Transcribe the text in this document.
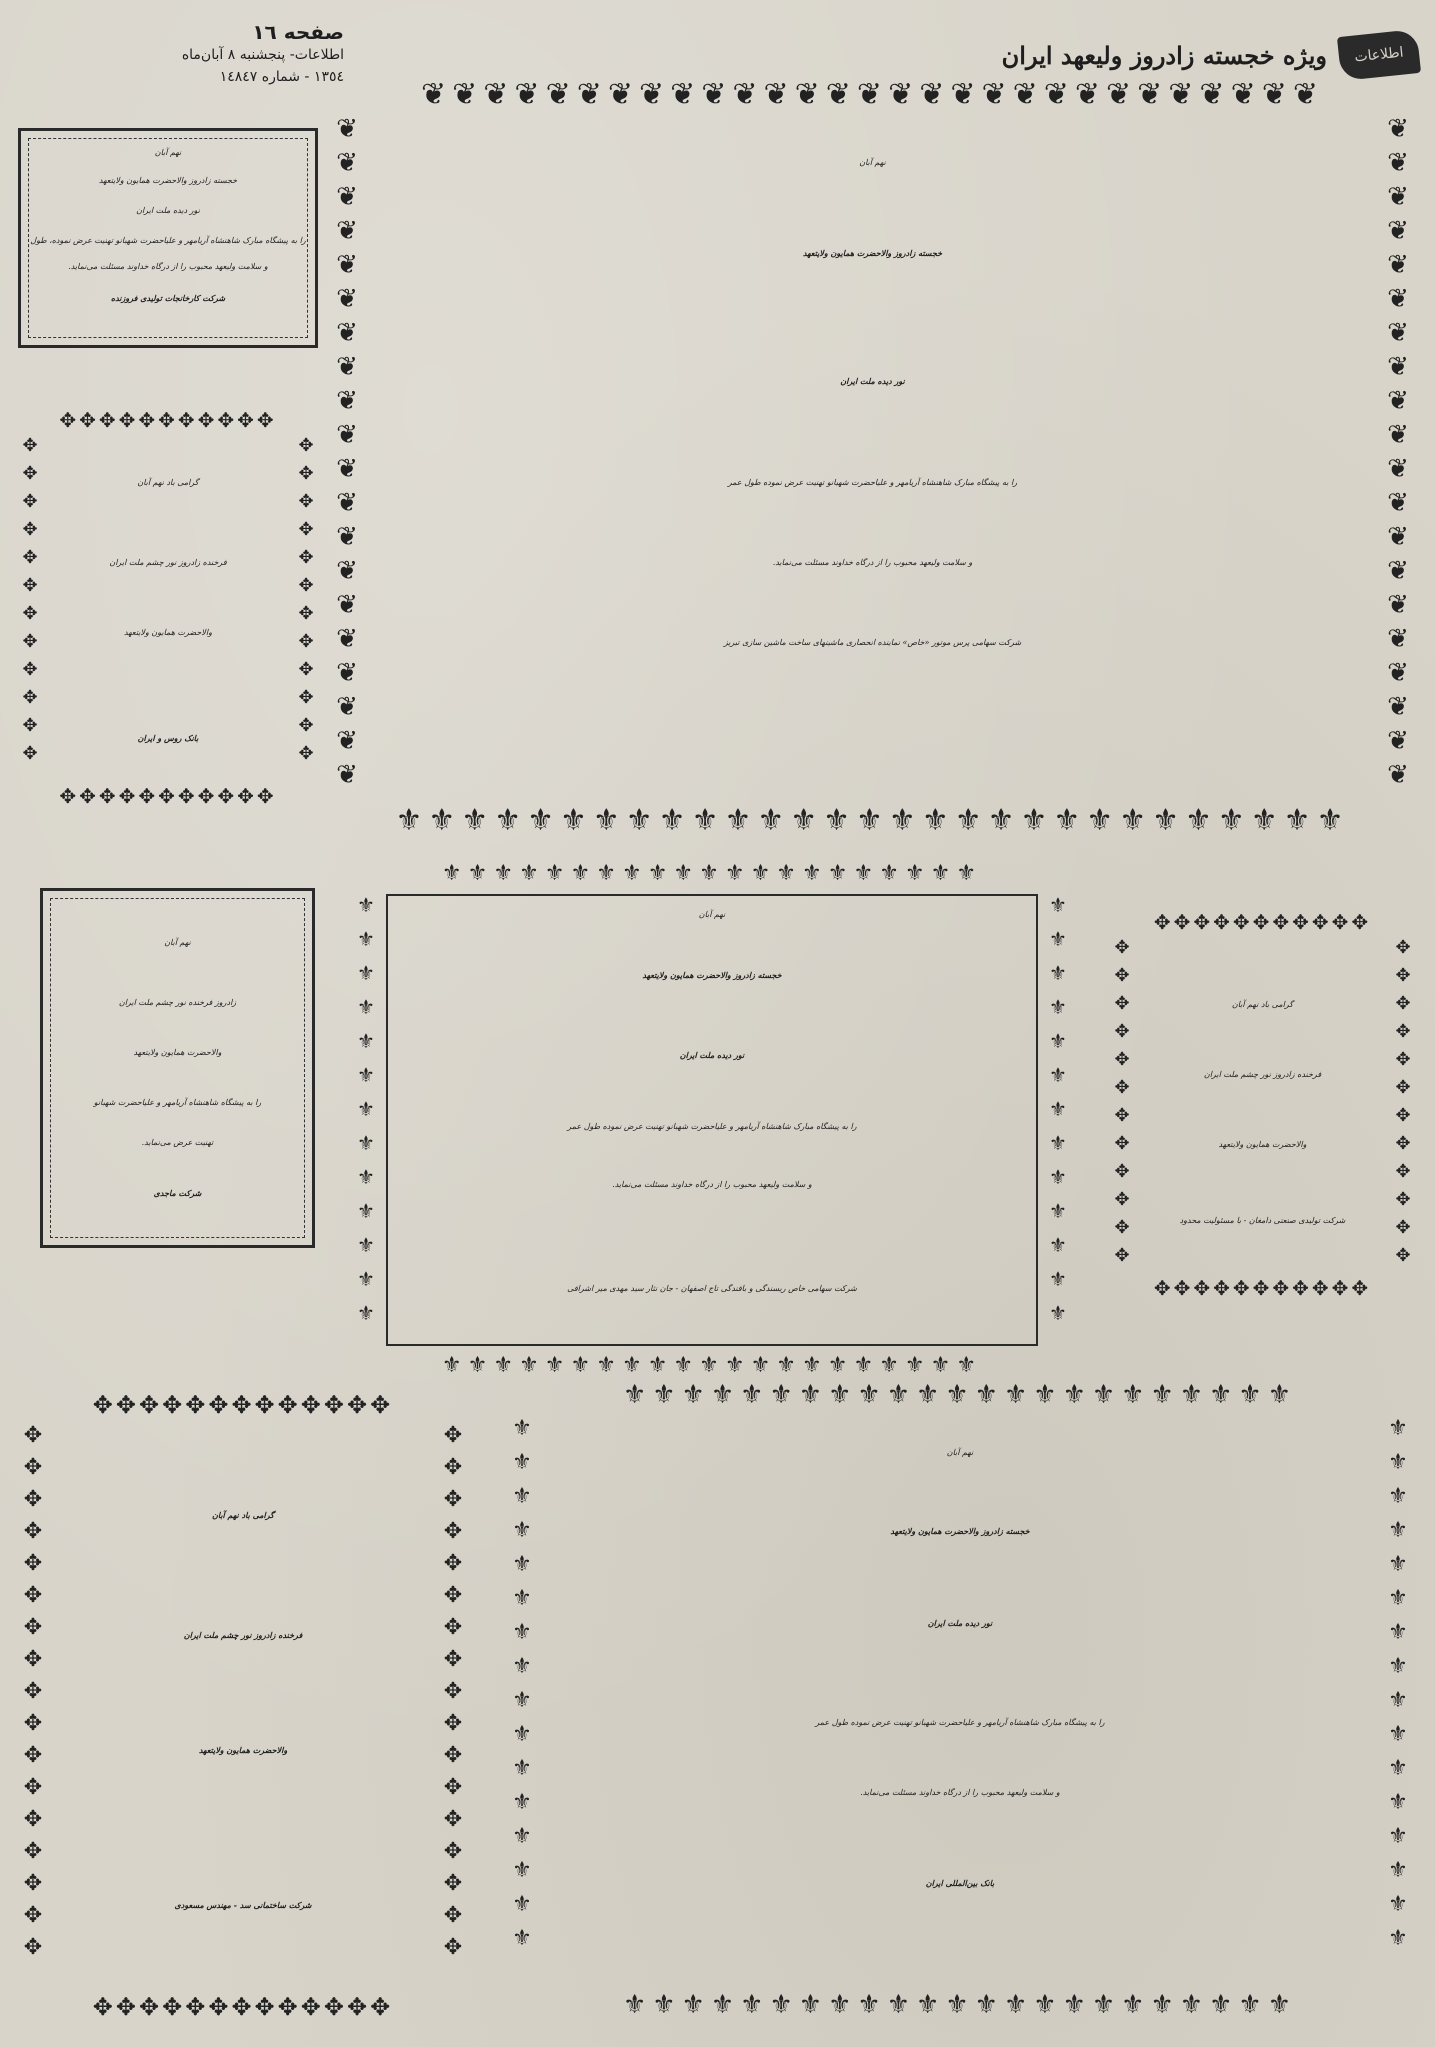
صفحه ١٦
اطلاعات- پنجشنبه ٨ آبان‌ماه
١٣٥٤ - شماره ١٤٨٤٧
اطلاعات
ویژه خجسته زادروز ولیعهد ایران
❦❦❦❦❦❦❦❦❦❦❦❦❦❦❦❦❦❦❦❦❦❦❦❦❦❦❦❦❦
⚜⚜⚜⚜⚜⚜⚜⚜⚜⚜⚜⚜⚜⚜⚜⚜⚜⚜⚜⚜⚜⚜⚜⚜⚜⚜⚜⚜⚜
❦
❦
❦
❦
❦
❦
❦
❦
❦
❦
❦
❦
❦
❦
❦
❦
❦
❦
❦
❦
❦
❦
❦
❦
❦
❦
❦
❦
❦
❦
❦
❦
❦
❦
❦
❦
❦
❦
❦
❦
نهم آبان
خجسته زادروز والاحضرت همایون ولایتعهد
نور دیده ملت ایران
را به پیشگاه مبارک شاهنشاه آریامهر و علیاحضرت شهبانو تهنیت عرض نموده طول عمر
و سلامت ولیعهد محبوب را از درگاه خداوند مسئلت می‌نماید.
شرکت سهامی پرس موتور «خاص» نماینده انحصاری ماشینهای ساخت ماشین سازی تبریز
نهم آبان
خجسته زادروز والاحضرت همایون ولایتعهد
نور دیده ملت ایران
را به پیشگاه مبارک شاهنشاه آریامهر و علیاحضرت شهبانو تهنیت عرض نموده، طول
و سلامت ولیعهد محبوب را از درگاه خداوند مسئلت می‌نماید.
شرکت کارخانجات تولیدی فروزنده
✥✥✥✥✥✥✥✥✥✥✥
✥✥✥✥✥✥✥✥✥✥✥
✥
✥
✥
✥
✥
✥
✥
✥
✥
✥
✥
✥
✥
✥
✥
✥
✥
✥
✥
✥
✥
✥
✥
✥
گرامی باد نهم آبان
فرخنده زادروز نور چشم ملت ایران
والاحضرت همایون ولایتعهد
بانک روس و ایران
نهم آبان
زادروز فرخنده نور چشم ملت ایران
والاحضرت همایون ولایتعهد
را به پیشگاه شاهنشاه آریامهر و علیاحضرت شهبانو
تهنیت عرض می‌نماید.
شرکت ماجدی
⚜⚜⚜⚜⚜⚜⚜⚜⚜⚜⚜⚜⚜⚜⚜⚜⚜⚜⚜⚜⚜
⚜⚜⚜⚜⚜⚜⚜⚜⚜⚜⚜⚜⚜⚜⚜⚜⚜⚜⚜⚜⚜
⚜
⚜
⚜
⚜
⚜
⚜
⚜
⚜
⚜
⚜
⚜
⚜
⚜
⚜
⚜
⚜
⚜
⚜
⚜
⚜
⚜
⚜
⚜
⚜
⚜
⚜
نهم آبان
خجسته زادروز والاحضرت همایون ولایتعهد
نور دیده ملت ایران
را به پیشگاه مبارک شاهنشاه آریامهر و علیاحضرت شهبانو تهنیت عرض نموده طول عمر
و سلامت ولیعهد محبوب را از درگاه خداوند مسئلت می‌نماید.
شرکت سهامی خاص ریسندگی و بافندگی تاج اصفهان - جان نثار سید مهدی میر اشرافی
✥✥✥✥✥✥✥✥✥✥✥
✥✥✥✥✥✥✥✥✥✥✥
✥
✥
✥
✥
✥
✥
✥
✥
✥
✥
✥
✥
✥
✥
✥
✥
✥
✥
✥
✥
✥
✥
✥
✥
گرامی باد نهم آبان
فرخنده زادروز نور چشم ملت ایران
والاحضرت همایون ولایتعهد
شرکت تولیدی صنعتی دامغان - با مسئولیت محدود
✥✥✥✥✥✥✥✥✥✥✥✥✥
✥✥✥✥✥✥✥✥✥✥✥✥✥
✥
✥
✥
✥
✥
✥
✥
✥
✥
✥
✥
✥
✥
✥
✥
✥
✥
✥
✥
✥
✥
✥
✥
✥
✥
✥
✥
✥
✥
✥
✥
✥
✥
✥
گرامی باد نهم آبان
فرخنده زادروز نور چشم ملت ایران
والاحضرت همایون ولایتعهد
شرکت ساختمانی سد - مهندس مسعودی
⚜⚜⚜⚜⚜⚜⚜⚜⚜⚜⚜⚜⚜⚜⚜⚜⚜⚜⚜⚜⚜⚜⚜
⚜⚜⚜⚜⚜⚜⚜⚜⚜⚜⚜⚜⚜⚜⚜⚜⚜⚜⚜⚜⚜⚜⚜
⚜
⚜
⚜
⚜
⚜
⚜
⚜
⚜
⚜
⚜
⚜
⚜
⚜
⚜
⚜
⚜
⚜
⚜
⚜
⚜
⚜
⚜
⚜
⚜
⚜
⚜
⚜
⚜
⚜
⚜
⚜
⚜
نهم آبان
خجسته زادروز والاحضرت همایون ولایتعهد
نور دیده ملت ایران
را به پیشگاه مبارک شاهنشاه آریامهر و علیاحضرت شهبانو تهنیت عرض نموده طول عمر
و سلامت ولیعهد محبوب را از درگاه خداوند مسئلت می‌نماید.
بانک بین‌المللی ایران
